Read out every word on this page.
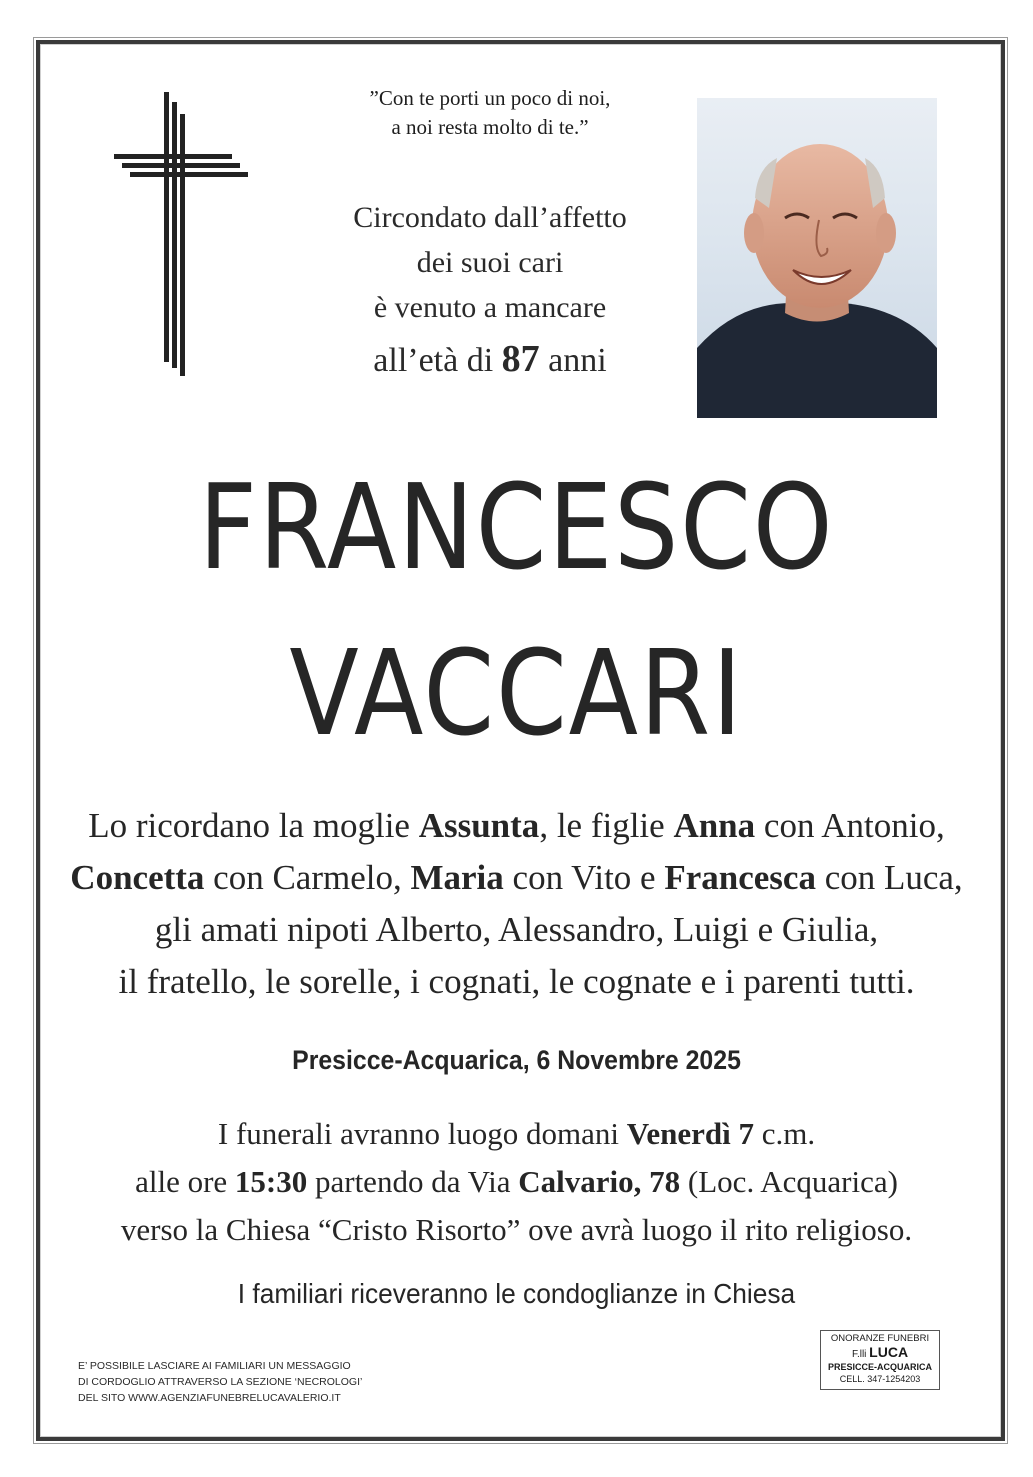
”Con te porti un poco di noi,
a noi resta molto di te.”
Circondato dall’affetto
dei suoi cari
è venuto a mancare
all’età di 87 anni
FRANCESCO
VACCARI
Lo ricordano la moglie Assunta, le figlie Anna con Antonio,
Concetta con Carmelo, Maria con Vito e Francesca con Luca,
gli amati nipoti Alberto, Alessandro, Luigi e Giulia,
il fratello, le sorelle, i cognati, le cognate e i parenti tutti.
Presicce-Acquarica, 6 Novembre 2025
I funerali avranno luogo domani Venerdì 7 c.m.
alle ore 15:30 partendo da Via Calvario, 78 (Loc. Acquarica)
verso la Chiesa “Cristo Risorto” ove avrà luogo il rito religioso.
I familiari riceveranno le condoglianze in Chiesa
E’ POSSIBILE LASCIARE AI FAMILIARI UN MESSAGGIO
DI CORDOGLIO ATTRAVERSO LA SEZIONE ‘NECROLOGI’
DEL SITO WWW.AGENZIAFUNEBRELUCAVALERIO.IT
ONORANZE FUNEBRI
F.lli LUCA
PRESICCE-ACQUARICA
CELL. 347-1254203
